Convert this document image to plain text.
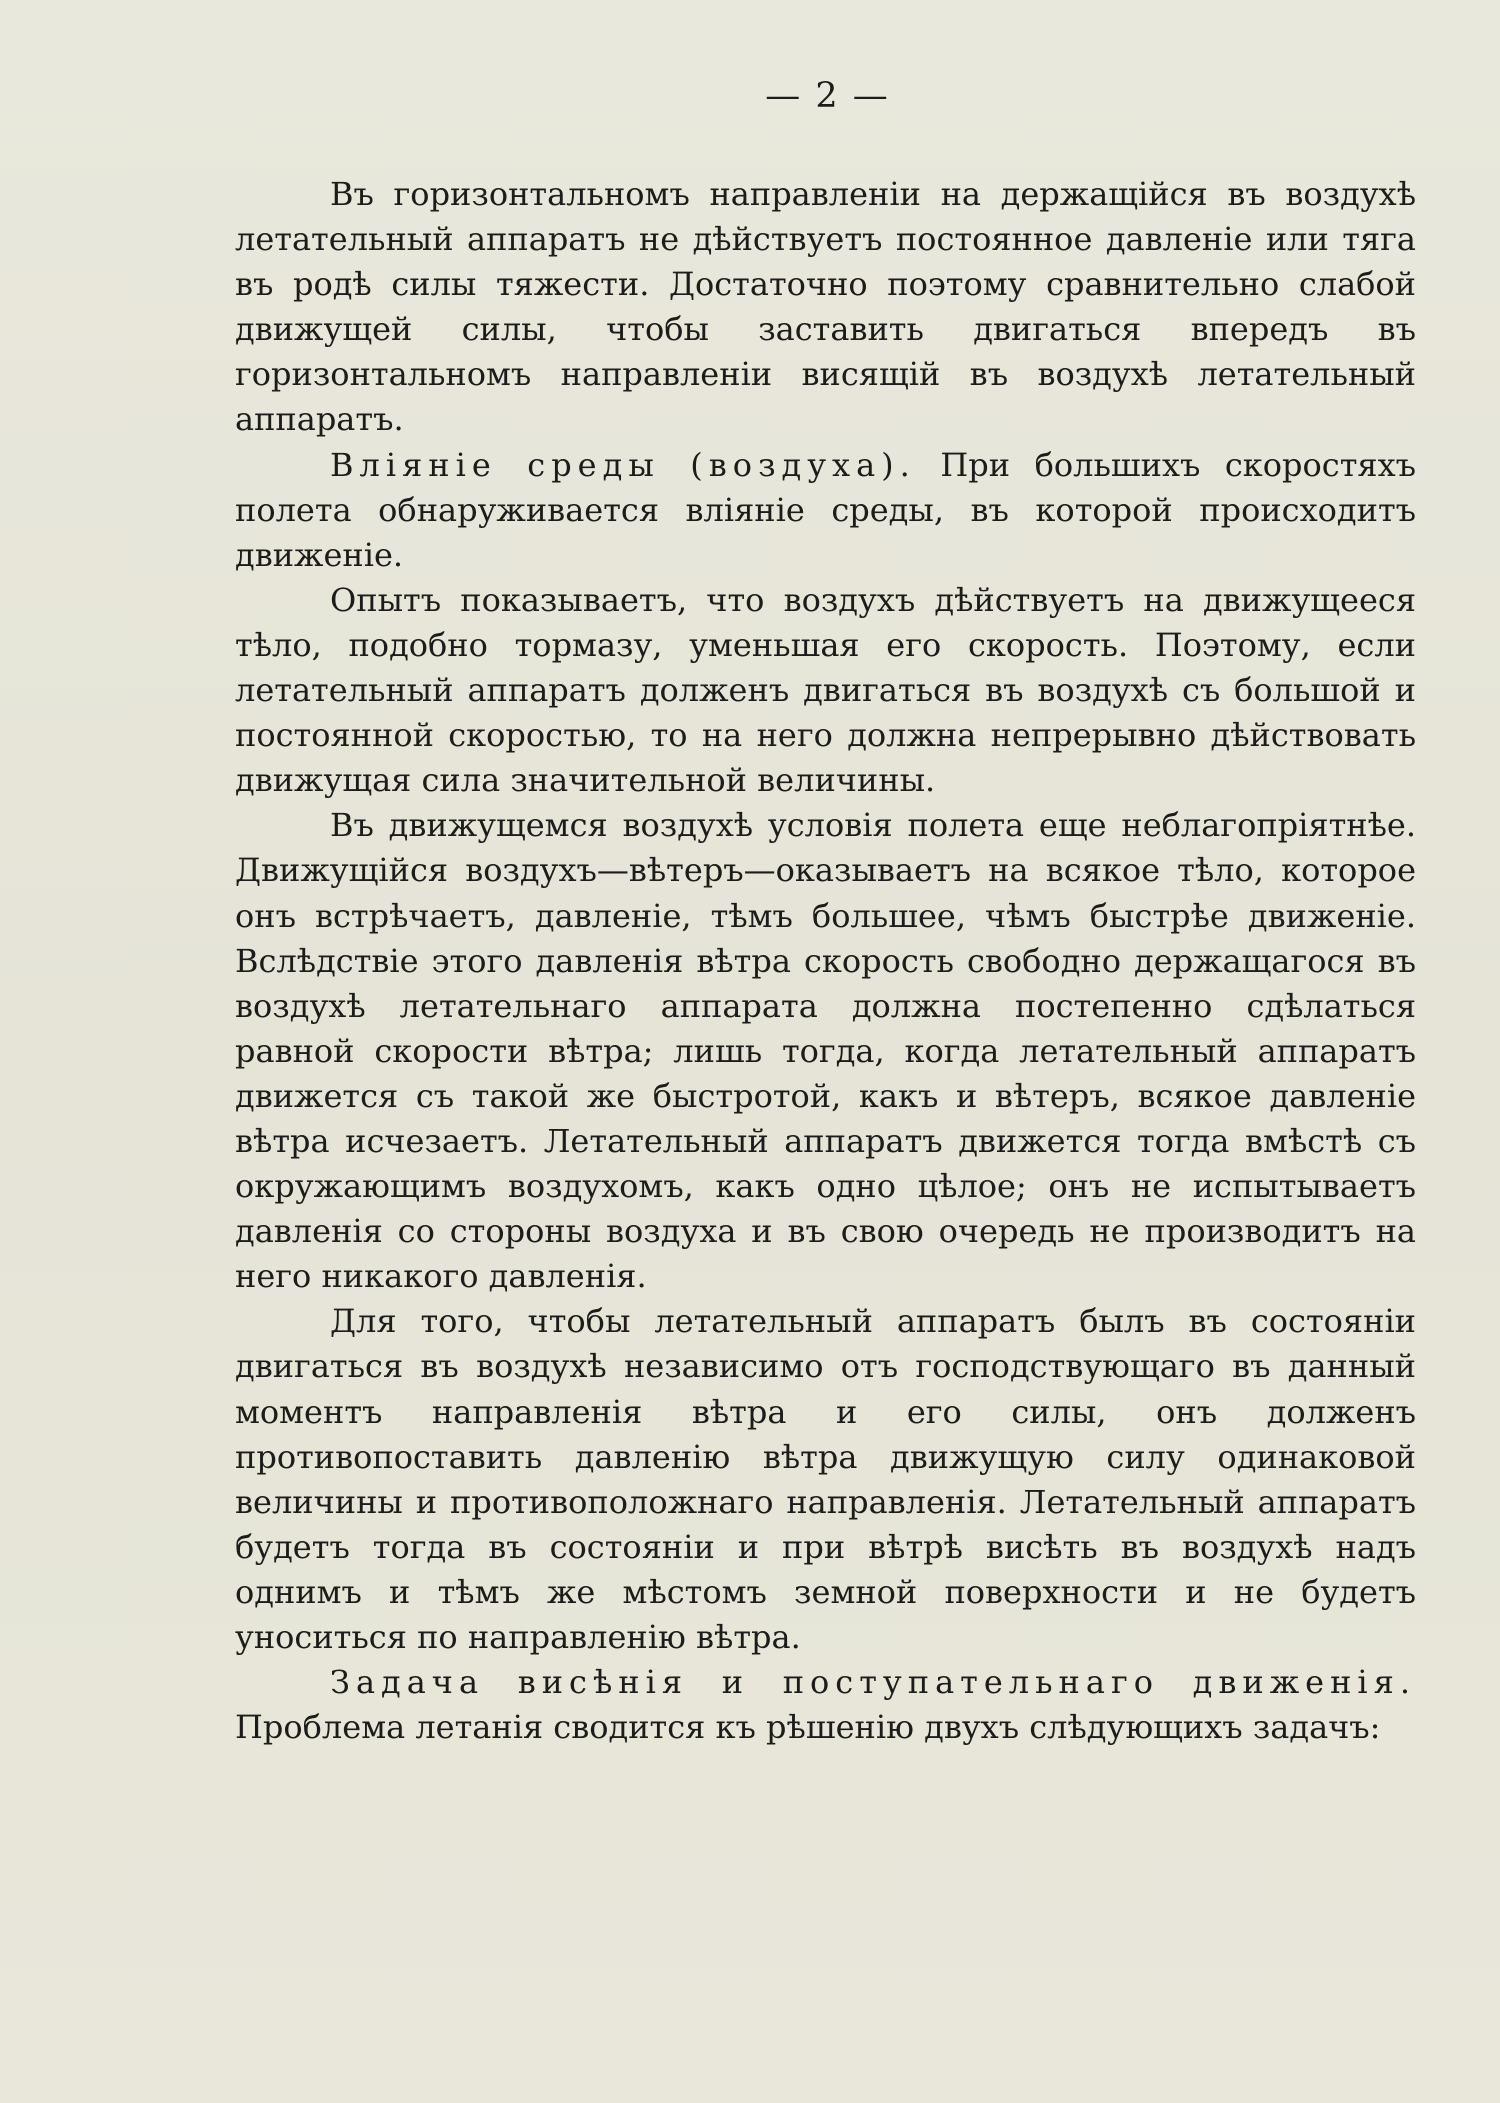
— 2 —

Въ горизонтальномъ направленіи на держащійся въ воздухѣ летательный аппаратъ не дѣйствуетъ постоянное давленіе или тяга въ родѣ силы тяжести. Достаточно поэтому сравнительно слабой движущей силы, чтобы заставить двигаться впередъ въ горизонтальномъ направленіи висящій въ воздухѣ летательный аппаратъ.

Вліяніе среды (воздуха). При большихъ скоростяхъ полета обнаруживается вліяніе среды, въ которой происходитъ движеніе.

Опытъ показываетъ, что воздухъ дѣйствуетъ на движущееся тѣло, подобно тормазу, уменьшая его скорость. Поэтому, если летательный аппаратъ долженъ двигаться въ воздухѣ съ большой и постоянной скоростью, то на него должна непрерывно дѣйствовать движущая сила значительной величины.

Въ движущемся воздухѣ условія полета еще неблагопріятнѣе. Движущійся воздухъ—вѣтеръ—оказываетъ на всякое тѣло, которое онъ встрѣчаетъ, давленіе, тѣмъ большее, чѣмъ быстрѣе движеніе. Вслѣдствіе этого давленія вѣтра скорость свободно держащагося въ воздухѣ летательнаго аппарата должна постепенно сдѣлаться равной скорости вѣтра; лишь тогда, когда летательный аппаратъ движется съ такой же быстротой, какъ и вѣтеръ, всякое давленіе вѣтра исчезаетъ. Летательный аппаратъ движется тогда вмѣстѣ съ окружающимъ воздухомъ, какъ одно цѣлое; онъ не испытываетъ давленія со стороны воздуха и въ свою очередь не производитъ на него никакого давленія.

Для того, чтобы летательный аппаратъ былъ въ состояніи двигаться въ воздухѣ независимо отъ господствующаго въ данный моментъ направленія вѣтра и его силы, онъ долженъ противопоставить давленію вѣтра движущую силу одинаковой величины и противоположнаго направленія. Летательный аппаратъ будетъ тогда въ состояніи и при вѣтрѣ висѣть въ воздухѣ надъ однимъ и тѣмъ же мѣстомъ земной поверхности и не будетъ уноситься по направленію вѣтра.

Задача висѣнія и поступательнаго движенія. Проблема летанія сводится къ рѣшенію двухъ слѣдующихъ задачъ:
